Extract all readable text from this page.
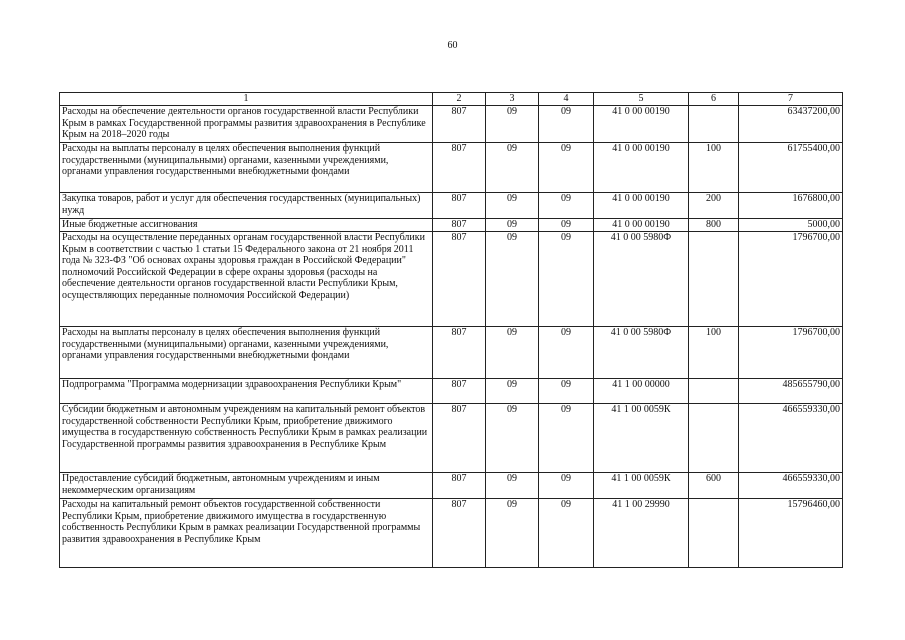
60
1	2	3	4	5	6	7
Расходы на обеспечение деятельности органов государственной власти Республики Крым в рамках Государственной программы развития здравоохранения в Республике Крым на 2018–2020 годы	807	09	09	41 0 00 00190		63437200,00
Расходы на выплаты персоналу в целях обеспечения выполнения функций государственными (муниципальными) органами, казенными учреждениями, органами управления государственными внебюджетными фондами	807	09	09	41 0 00 00190	100	61755400,00
Закупка товаров, работ и услуг для обеспечения государственных (муниципальных) нужд	807	09	09	41 0 00 00190	200	1676800,00
Иные бюджетные ассигнования	807	09	09	41 0 00 00190	800	5000,00
Расходы на осуществление переданных органам государственной власти Республики Крым в соответствии с частью 1 статьи 15 Федерального закона от 21 ноября 2011 года № 323-ФЗ "Об основах охраны здоровья граждан в Российской Федерации" полномочий Российской Федерации в сфере охраны здоровья (расходы на обеспечение деятельности органов государственной власти Республики Крым, осуществляющих переданные полномочия Российской Федерации)	807	09	09	41 0 00 5980Ф		1796700,00
Расходы на выплаты персоналу в целях обеспечения выполнения функций государственными (муниципальными) органами, казенными учреждениями, органами управления государственными внебюджетными фондами	807	09	09	41 0 00 5980Ф	100	1796700,00
Подпрограмма "Программа модернизации здравоохранения Республики Крым"	807	09	09	41 1 00 00000		485655790,00
Субсидии бюджетным и автономным учреждениям на капитальный ремонт объектов государственной собственности Республики Крым, приобретение движимого имущества в государственную собственность Республики Крым в рамках реализации Государственной программы развития здравоохранения в Республике Крым	807	09	09	41 1 00 0059К		466559330,00
Предоставление субсидий бюджетным, автономным учреждениям и иным некоммерческим организациям	807	09	09	41 1 00 0059К	600	466559330,00
Расходы на капитальный ремонт объектов государственной собственности Республики Крым, приобретение движимого имущества в государственную собственность Республики Крым в рамках реализации Государственной программы развития здравоохранения в Республике Крым	807	09	09	41 1 00 29990		15796460,00
